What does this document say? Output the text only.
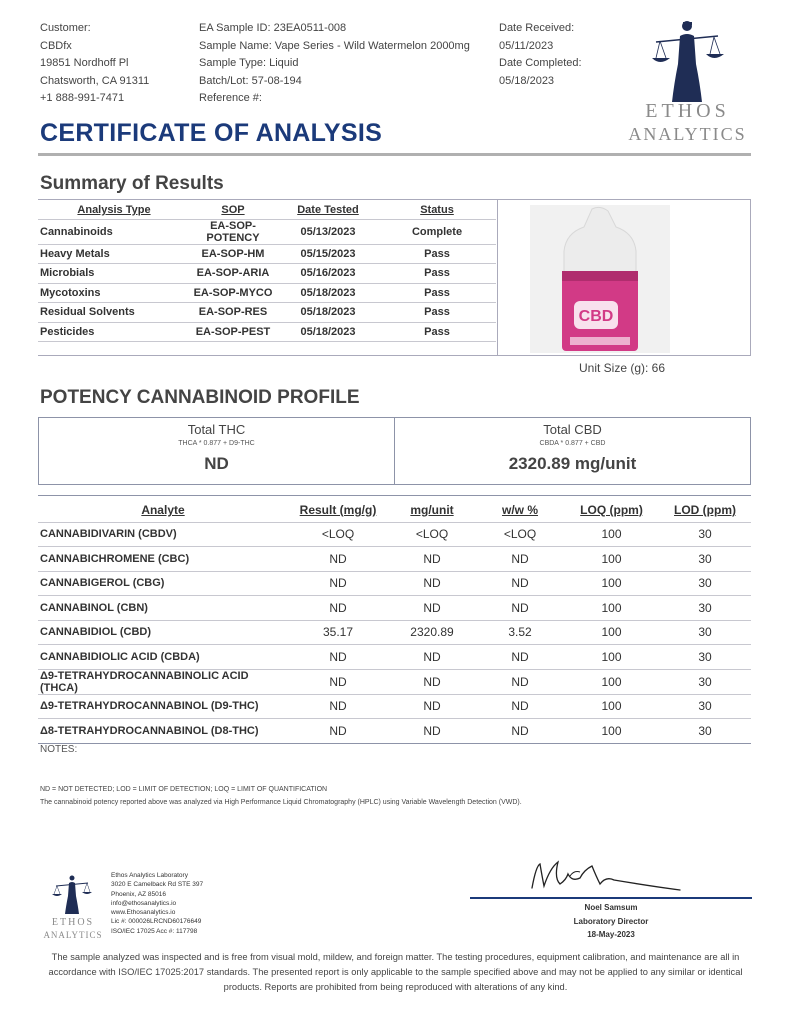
Customer:
CBDfx
19851 Nordhoff Pl
Chatsworth, CA 91311
+1 888-991-7471
EA Sample ID: 23EA0511-008
Sample Name: Vape Series - Wild Watermelon 2000mg
Sample Type: Liquid
Batch/Lot: 57-08-194
Reference #:
Date Received:
05/11/2023
Date Completed:
05/18/2023
ETHOS
ANALYTICS
CERTIFICATE OF ANALYSIS
Summary of Results
Analysis Type	SOP	Date Tested	Status
Cannabinoids	EA-SOP-POTENCY	05/13/2023	Complete
Heavy Metals	EA-SOP-HM	05/15/2023	Pass
Microbials	EA-SOP-ARIA	05/16/2023	Pass
Mycotoxins	EA-SOP-MYCO	05/18/2023	Pass
Residual Solvents	EA-SOP-RES	05/18/2023	Pass
Pesticides	EA-SOP-PEST	05/18/2023	Pass

CBD
Unit Size (g): 66
POTENCY CANNABINOID PROFILE
Total THC
THCA * 0.877 + D9-THC
ND
Total CBD
CBDA * 0.877 + CBD
2320.89 mg/unit
Analyte	Result (mg/g)	mg/unit	w/w %	LOQ (ppm)	LOD (ppm)
CANNABIDIVARIN (CBDV)	<LOQ	<LOQ	<LOQ	100	30
CANNABICHROMENE (CBC)	ND	ND	ND	100	30
CANNABIGEROL (CBG)	ND	ND	ND	100	30
CANNABINOL (CBN)	ND	ND	ND	100	30
CANNABIDIOL (CBD)	35.17	2320.89	3.52	100	30
CANNABIDIOLIC ACID (CBDA)	ND	ND	ND	100	30
Δ9-TETRAHYDROCANNABINOLIC ACID (THCA)	ND	ND	ND	100	30
Δ9-TETRAHYDROCANNABINOL (D9-THC)	ND	ND	ND	100	30
Δ8-TETRAHYDROCANNABINOL (D8-THC)	ND	ND	ND	100	30
NOTES:
ND = NOT DETECTED; LOD = LIMIT OF DETECTION; LOQ = LIMIT OF QUANTIFICATION
The cannabinoid potency reported above was analyzed via High Performance Liquid Chromatography (HPLC) using Variable Wavelength Detection (VWD).
ETHOS
ANALYTICS
Ethos Analytics Laboratory
3020 E Camelback Rd STE 397
Phoenix, AZ 85016
info@ethosanalytics.io
www.Ethosanalytics.io
Lic #: 000026LRCND60176649
ISO/IEC 17025 Acc #: 117798
Noel Samsum
Laboratory Director
18-May-2023
The sample analyzed was inspected and is free from visual mold, mildew, and foreign matter. The testing procedures, equipment calibration, and maintenance are all in accordance with ISO/IEC 17025:2017 standards. The presented report is only applicable to the sample specified above and may not be applied to any similar or identical products. Reports are prohibited from being reproduced with alterations of any kind.
